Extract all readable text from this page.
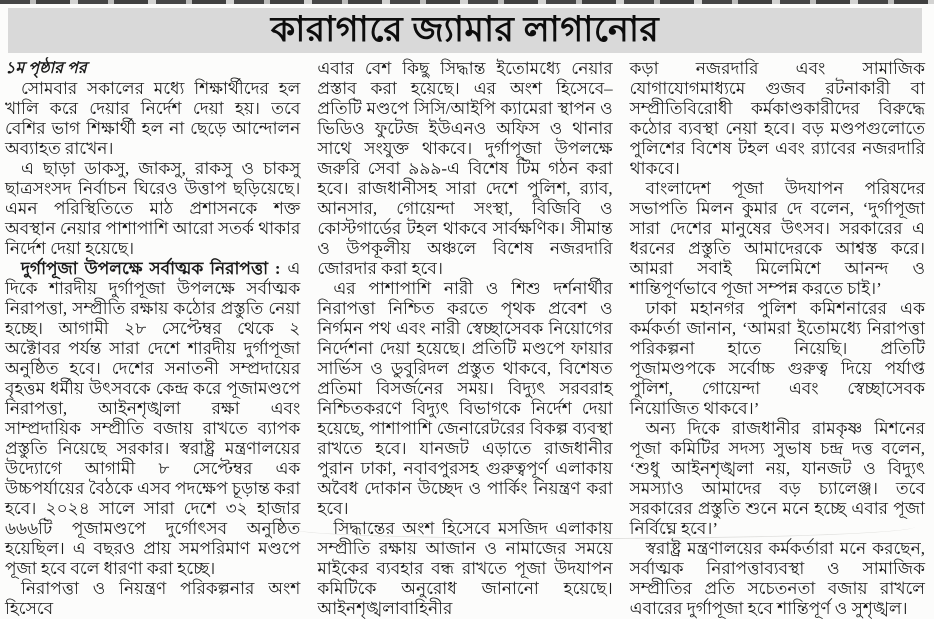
কারাগারে জ্যামার লাগানোর

১ম পৃষ্ঠার পর

সোমবার সকালের মধ্যে শিক্ষার্থীদের হল খালি করে দেয়ার নির্দেশ দেয়া হয়। তবে বেশির ভাগ শিক্ষার্থী হল না ছেড়ে আন্দোলন অব্যাহত রাখেন।

এ ছাড়া ডাকসু, জাকসু, রাকসু ও চাকসু ছাত্রসংসদ নির্বাচন ঘিরেও উত্তাপ ছড়িয়েছে। এমন পরিস্থিতিতে মাঠ প্রশাসনকে শক্ত অবস্থান নেয়ার পাশাপাশি আরো সতর্ক থাকার নির্দেশ দেয়া হয়েছে।

দুর্গাপূজা উপলক্ষে সর্বাত্মক নিরাপত্তা : এ দিকে শারদীয় দুর্গাপূজা উপলক্ষে সর্বাত্মক নিরাপত্তা, সম্প্রীতি রক্ষায় কঠোর প্রস্তুতি নেয়া হচ্ছে। আগামী ২৮ সেপ্টেম্বর থেকে ২ অক্টোবর পর্যন্ত সারা দেশে শারদীয় দুর্গাপূজা অনুষ্ঠিত হবে। দেশের সনাতনী সম্প্রদায়ের বৃহত্তম ধর্মীয় উৎসবকে কেন্দ্র করে পূজামণ্ডপে নিরাপত্তা, আইনশৃঙ্খলা রক্ষা এবং সাম্প্রদায়িক সম্প্রীতি বজায় রাখতে ব্যাপক প্রস্তুতি নিয়েছে সরকার। স্বরাষ্ট্র মন্ত্রণালয়ের উদ্যোগে আগামী ৮ সেপ্টেম্বর এক উচ্চপর্যায়ের বৈঠকে এসব পদক্ষেপ চূড়ান্ত করা হবে। ২০২৪ সালে সারা দেশে ৩২ হাজার ৬৬৬টি পূজামণ্ডপে দুর্গোৎসব অনুষ্ঠিত হয়েছিল। এ বছরও প্রায় সমপরিমাণ মণ্ডপে পূজা হবে বলে ধারণা করা হচ্ছে।

নিরাপত্তা ও নিয়ন্ত্রণ পরিকল্পনার অংশ হিসেবে

এবার বেশ কিছু সিদ্ধান্ত ইতোমধ্যে নেয়ার প্রস্তাব করা হয়েছে। এর অংশ হিসেবে– প্রতিটি মণ্ডপে সিসি/আইপি ক্যামেরা স্থাপন ও ভিডিও ফুটেজ ইউএনও অফিস ও থানার সাথে সংযুক্ত থাকবে। দুর্গাপূজা উপলক্ষে জরুরি সেবা ৯৯৯-এ বিশেষ টিম গঠন করা হবে। রাজধানীসহ সারা দেশে পুলিশ, র‍্যাব, আনসার, গোয়েন্দা সংস্থা, বিজিবি ও কোস্টগার্ডের টহল থাকবে সার্বক্ষণিক। সীমান্ত ও উপকূলীয় অঞ্চলে বিশেষ নজরদারি জোরদার করা হবে।

এর পাশাপাশি নারী ও শিশু দর্শনার্থীর নিরাপত্তা নিশ্চিত করতে পৃথক প্রবেশ ও নির্গমন পথ এবং নারী স্বেচ্ছাসেবক নিয়োগের নির্দেশনা দেয়া হয়েছে। প্রতিটি মণ্ডপে ফায়ার সার্ভিস ও ডুবুরিদল প্রস্তুত থাকবে, বিশেষত প্রতিমা বিসর্জনের সময়। বিদ্যুৎ সরবরাহ নিশ্চিতকরণে বিদ্যুৎ বিভাগকে নির্দেশ দেয়া হয়েছে, পাশাপাশি জেনারেটরের বিকল্প ব্যবস্থা রাখতে হবে। যানজট এড়াতে রাজধানীর পুরান ঢাকা, নবাবপুরসহ গুরুত্বপূর্ণ এলাকায় অবৈধ দোকান উচ্ছেদ ও পার্কিং নিয়ন্ত্রণ করা হবে।

সিদ্ধান্তের অংশ হিসেবে মসজিদ এলাকায় সম্প্রীতি রক্ষায় আজান ও নামাজের সময়ে মাইকের ব্যবহার বন্ধ রাখতে পূজা উদযাপন কমিটিকে অনুরোধ জানানো হয়েছে। আইনশৃঙ্খলাবাহিনীর

কড়া নজরদারি এবং সামাজিক যোগাযোগমাধ্যমে গুজব রটনাকারী বা সম্প্রীতিবিরোধী কর্মকাণ্ডকারীদের বিরুদ্ধে কঠোর ব্যবস্থা নেয়া হবে। বড় মণ্ডপগুলোতে পুলিশের বিশেষ টহল এবং র‍্যাবের নজরদারি থাকবে।

বাংলাদেশ পূজা উদযাপন পরিষদের সভাপতি মিলন কুমার দে বলেন, ‘দুর্গাপূজা সারা দেশের মানুষের উৎসব। সরকারের এ ধরনের প্রস্তুতি আমাদেরকে আশ্বস্ত করে। আমরা সবাই মিলেমিশে আনন্দ ও শান্তিপূর্ণভাবে পূজা সম্পন্ন করতে চাই।’

ঢাকা মহানগর পুলিশ কমিশনারের এক কর্মকর্তা জানান, ‘আমরা ইতোমধ্যে নিরাপত্তা পরিকল্পনা হাতে নিয়েছি। প্রতিটি পূজামণ্ডপকে সর্বোচ্চ গুরুত্ব দিয়ে পর্যাপ্ত পুলিশ, গোয়েন্দা এবং স্বেচ্ছাসেবক নিয়োজিত থাকবে।’

অন্য দিকে রাজধানীর রামকৃষ্ণ মিশনের পূজা কমিটির সদস্য সুভাষ চন্দ্র দত্ত বলেন, ‘শুধু আইনশৃঙ্খলা নয়, যানজট ও বিদ্যুৎ সমস্যাও আমাদের বড় চ্যালেঞ্জ। তবে সরকারের প্রস্তুতি শুনে মনে হচ্ছে এবার পূজা নির্বিঘ্নে হবে।’

স্বরাষ্ট্র মন্ত্রণালয়ের কর্মকর্তারা মনে করছেন, সর্বাত্মক নিরাপত্তাব্যবস্থা ও সামাজিক সম্প্রীতির প্রতি সচেতনতা বজায় রাখলে এবারের দুর্গাপূজা হবে শান্তিপূর্ণ ও সুশৃঙ্খল।
